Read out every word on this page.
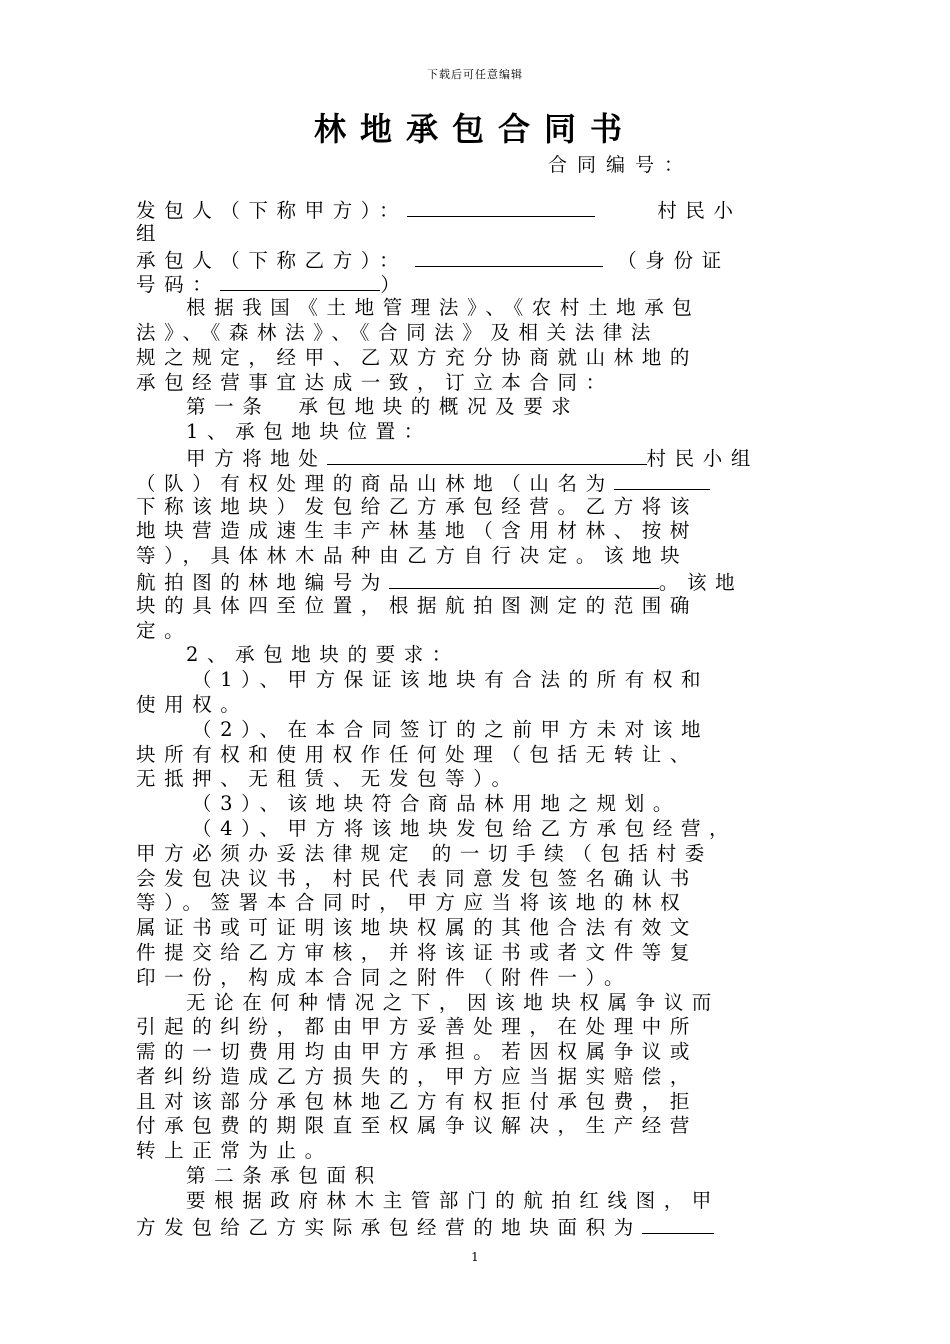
下载后可任意编辑
林地承包合同书
合同编号：
发包人（下称甲方）：	村民小
组
承包人（下称乙方）：	（身份证
号码：	）
根据我国《土地管理法》、《农村土地承包
法》、《森林法》、《合同法》及相关法律法
规之规定，经甲、乙双方充分协商就山林地的
承包经营事宜达成一致，订立本合同：
第一条　承包地块的概况及要求
1、承包地块位置：
甲方将地处	村民小组
（队）有权处理的商品山林地（山名为
下称该地块）发包给乙方承包经营。乙方将该
地块营造成速生丰产林基地（含用材林、按树
等），具体林木品种由乙方自行决定。该地块
航拍图的林地编号为	。该地
块的具体四至位置，根据航拍图测定的范围确
定。
2、承包地块的要求：
（1）、甲方保证该地块有合法的所有权和
使用权。
（2）、在本合同签订的之前甲方未对该地
块所有权和使用权作任何处理（包括无转让、
无抵押、无租赁、无发包等）。
（3）、该地块符合商品林用地之规划。
（4）、甲方将该地块发包给乙方承包经营，
甲方必须办妥法律规定 的一切手续（包括村委
会发包决议书，村民代表同意发包签名确认书
等）。签署本合同时，甲方应当将该地的林权
属证书或可证明该地块权属的其他合法有效文
件提交给乙方审核，并将该证书或者文件等复
印一份，构成本合同之附件（附件一）。
无论在何种情况之下，因该地块权属争议而
引起的纠纷，都由甲方妥善处理，在处理中所
需的一切费用均由甲方承担。若因权属争议或
者纠纷造成乙方损失的，甲方应当据实赔偿，
且对该部分承包林地乙方有权拒付承包费，拒
付承包费的期限直至权属争议解决，生产经营
转上正常为止。
第二条承包面积
要根据政府林木主管部门的航拍红线图，甲
方发包给乙方实际承包经营的地块面积为
1
